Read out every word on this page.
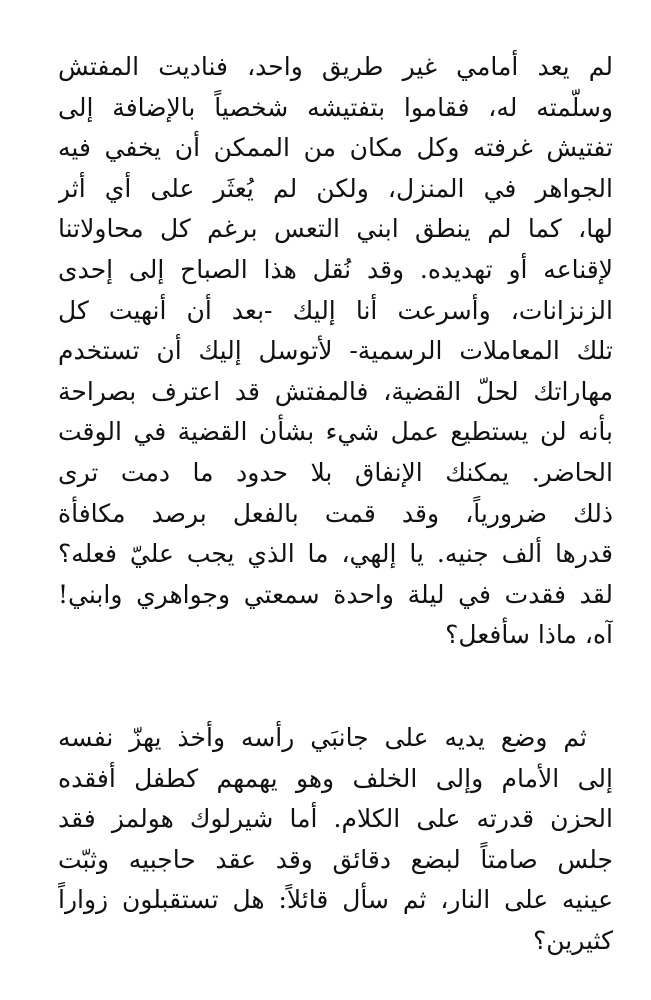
لم يعد أمامي غير طريق واحد، فناديت المفتش
وسلّمته له، فقاموا بتفتيشه شخصياً بالإضافة إلى
تفتيش غرفته وكل مكان من الممكن أن يخفي فيه
الجواهر في المنزل، ولكن لم يُعثَر على أي أثر
لها، كما لم ينطق ابني التعس برغم كل محاولاتنا
لإقناعه أو تهديده. وقد نُقل هذا الصباح إلى إحدى
الزنزانات، وأسرعت أنا إليك -بعد أن أنهيت كل
تلك المعاملات الرسمية- لأتوسل إليك أن تستخدم
مهاراتك لحلّ القضية، فالمفتش قد اعترف بصراحة
بأنه لن يستطيع عمل شيء بشأن القضية في الوقت
الحاضر. يمكنك الإنفاق بلا حدود ما دمت ترى
ذلك ضرورياً، وقد قمت بالفعل برصد مكافأة
قدرها ألف جنيه. يا إلهي، ما الذي يجب عليّ فعله؟
لقد فقدت في ليلة واحدة سمعتي وجواهري وابني!
آه، ماذا سأفعل؟
ثم وضع يديه على جانبَي رأسه وأخذ يهزّ نفسه
إلى الأمام وإلى الخلف وهو يهمهم كطفل أفقده
الحزن قدرته على الكلام. أما شيرلوك هولمز فقد
جلس صامتاً لبضع دقائق وقد عقد حاجبيه وثبّت
عينيه على النار، ثم سأل قائلاً: هل تستقبلون زواراً
كثيرين؟
